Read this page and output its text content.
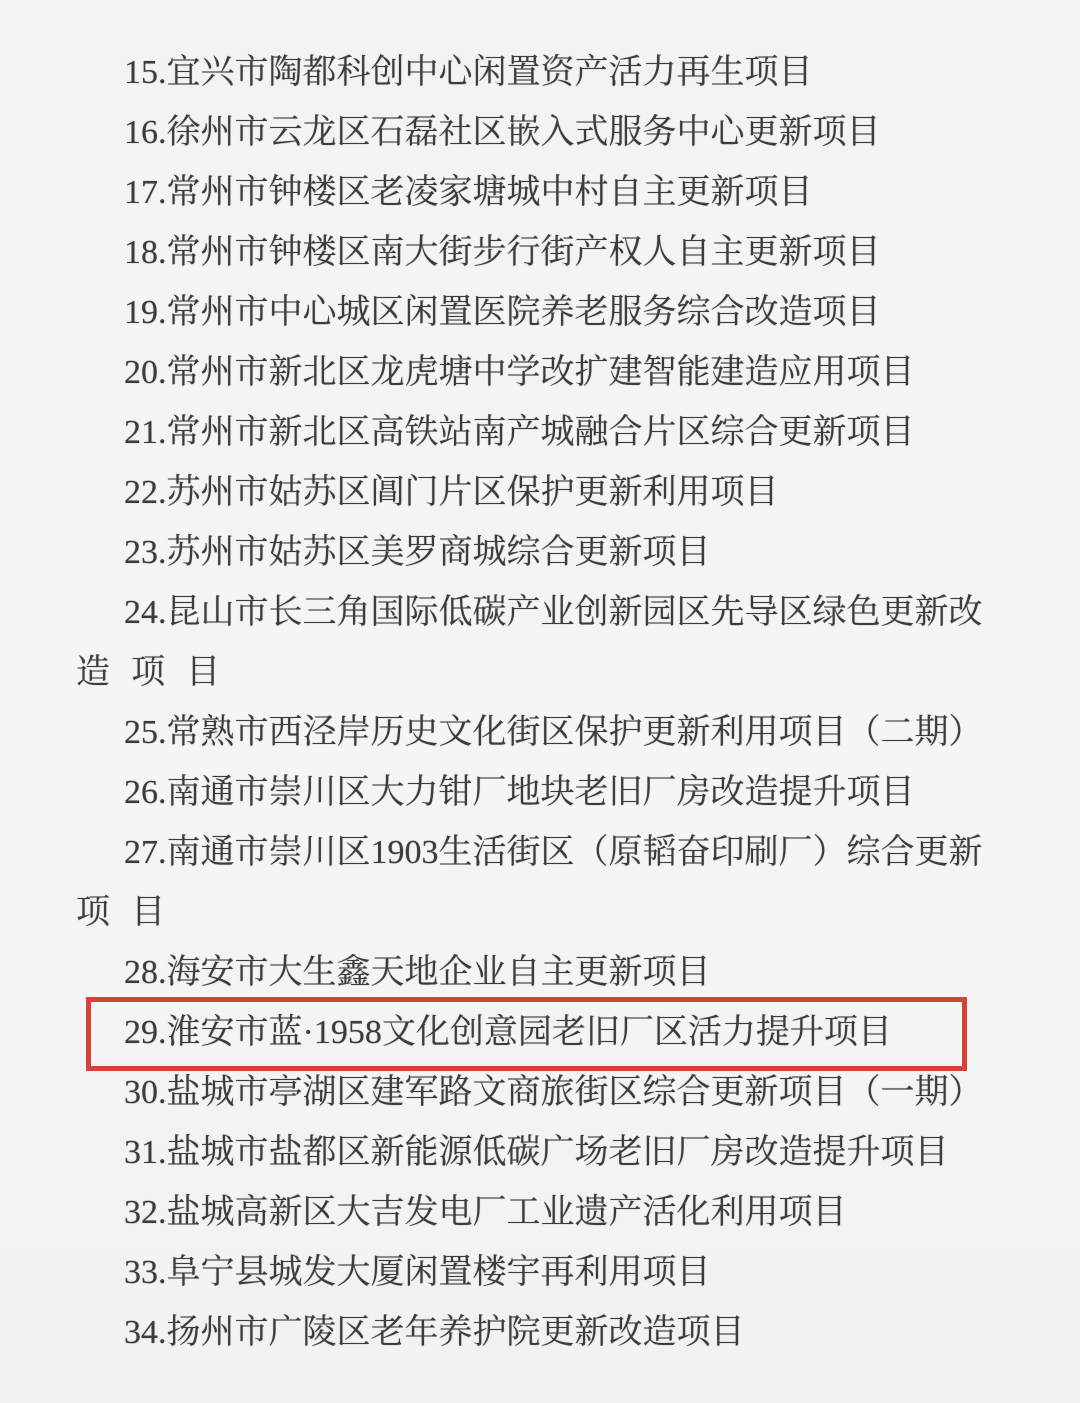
15.宜兴市陶都科创中心闲置资产活力再生项目
16.徐州市云龙区石磊社区嵌入式服务中心更新项目
17.常州市钟楼区老凌家塘城中村自主更新项目
18.常州市钟楼区南大街步行街产权人自主更新项目
19.常州市中心城区闲置医院养老服务综合改造项目
20.常州市新北区龙虎塘中学改扩建智能建造应用项目
21.常州市新北区高铁站南产城融合片区综合更新项目
22.苏州市姑苏区阊门片区保护更新利用项目
23.苏州市姑苏区美罗商城综合更新项目
24.昆山市长三角国际低碳产业创新园区先导区绿色更新改
造项目
25.常熟市西泾岸历史文化街区保护更新利用项目（二期）
26.南通市崇川区大力钳厂地块老旧厂房改造提升项目
27.南通市崇川区1903生活街区（原韬奋印刷厂）综合更新
项目
28.海安市大生鑫天地企业自主更新项目
29.淮安市蓝·1958文化创意园老旧厂区活力提升项目
30.盐城市亭湖区建军路文商旅街区综合更新项目（一期）
31.盐城市盐都区新能源低碳广场老旧厂房改造提升项目
32.盐城高新区大吉发电厂工业遗产活化利用项目
33.阜宁县城发大厦闲置楼宇再利用项目
34.扬州市广陵区老年养护院更新改造项目
